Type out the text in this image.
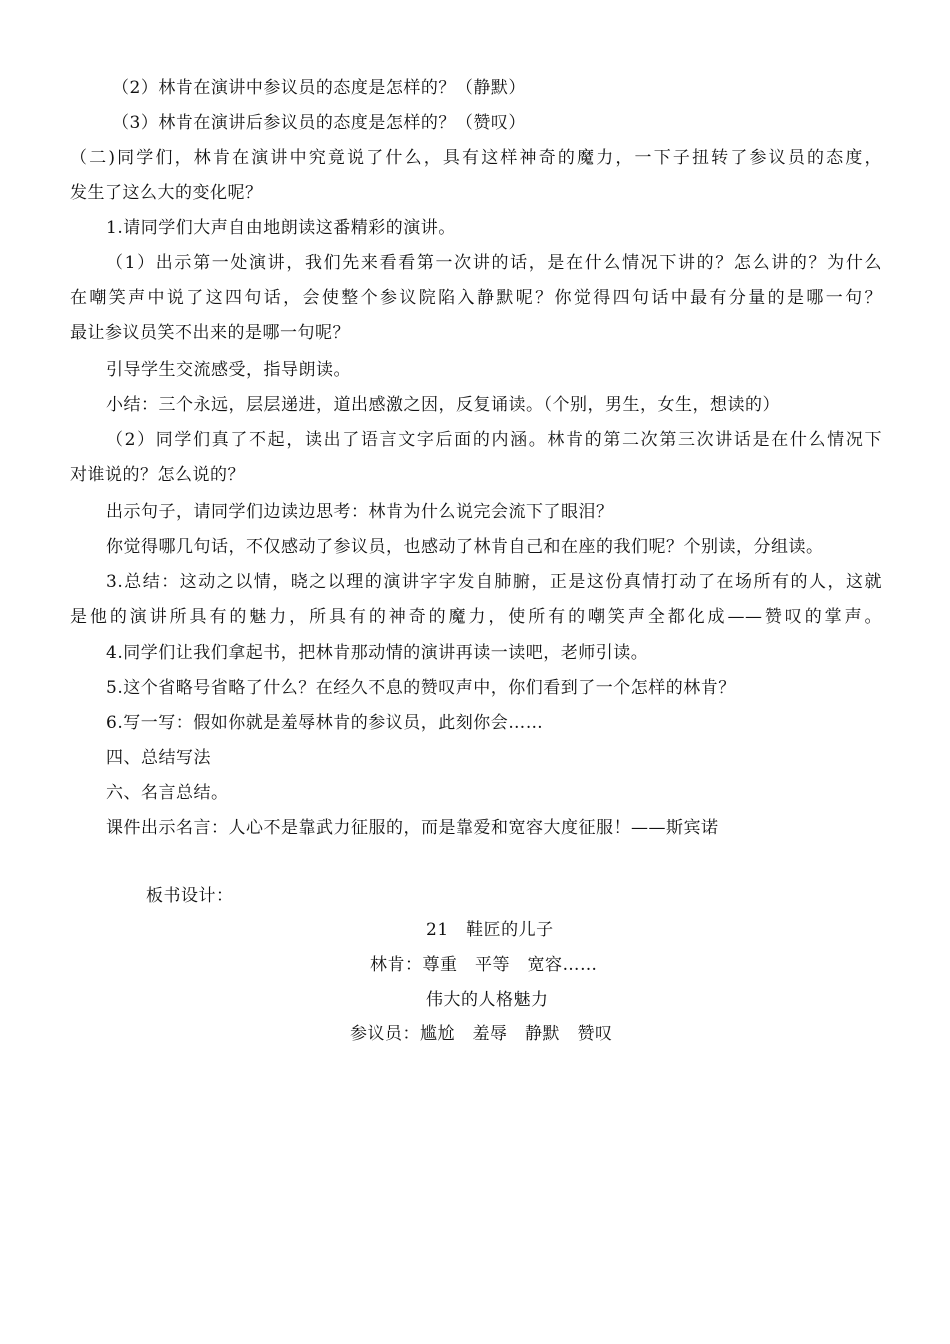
（2）林肯在演讲中参议员的态度是怎样的？（静默）
（3）林肯在演讲后参议员的态度是怎样的？（赞叹）
（二)同学们，林肯在演讲中究竟说了什么，具有这样神奇的魔力，一下子扭转了参议员的态度，
发生了这么大的变化呢？
1.请同学们大声自由地朗读这番精彩的演讲。
（1）出示第一处演讲，我们先来看看第一次讲的话，是在什么情况下讲的？怎么讲的？为什么
在嘲笑声中说了这四句话，会使整个参议院陷入静默呢？你觉得四句话中最有分量的是哪一句？
最让参议员笑不出来的是哪一句呢？
引导学生交流感受，指导朗读。
小结：三个永远，层层递进，道出感激之因，反复诵读。（个别，男生，女生，想读的）
（2）同学们真了不起，读出了语言文字后面的内涵。林肯的第二次第三次讲话是在什么情况下
对谁说的？怎么说的？
出示句子，请同学们边读边思考：林肯为什么说完会流下了眼泪？
你觉得哪几句话，不仅感动了参议员，也感动了林肯自己和在座的我们呢？个别读，分组读。
3.总结：这动之以情，晓之以理的演讲字字发自肺腑，正是这份真情打动了在场所有的人，这就
是他的演讲所具有的魅力，所具有的神奇的魔力，使所有的嘲笑声全都化成——赞叹的掌声。
4.同学们让我们拿起书，把林肯那动情的演讲再读一读吧，老师引读。
5.这个省略号省略了什么？在经久不息的赞叹声中，你们看到了一个怎样的林肯？
6.写一写：假如你就是羞辱林肯的参议员，此刻你会……
四、总结写法
六、名言总结。
课件出示名言：人心不是靠武力征服的，而是靠爱和宽容大度征服！——斯宾诺
板书设计：
21　鞋匠的儿子
林肯：尊重　平等　宽容……
伟大的人格魅力
参议员：尴尬　羞辱　静默　赞叹
